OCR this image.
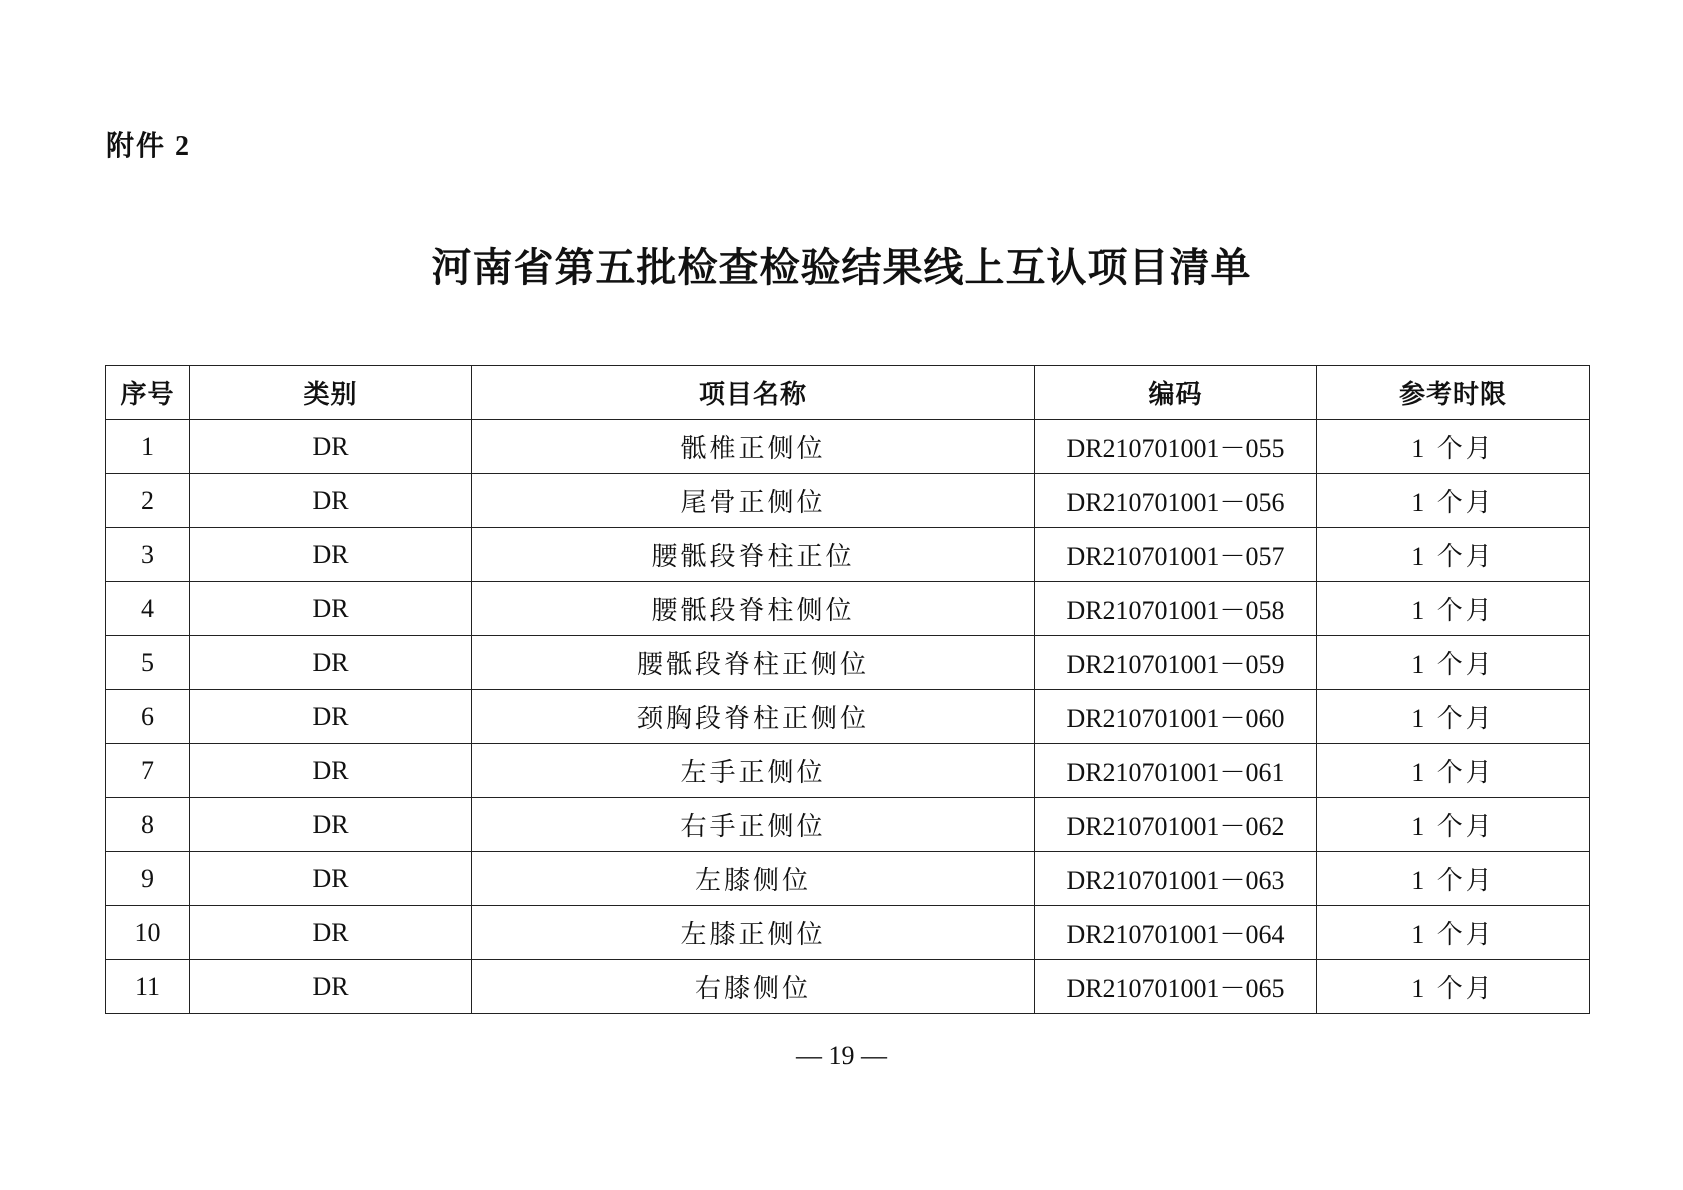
附件 2
河南省第五批检查检验结果线上互认项目清单
序号	类别	项目名称	编码	参考时限
1	DR	骶椎正侧位	DR210701001－055	1 个月
2	DR	尾骨正侧位	DR210701001－056	1 个月
3	DR	腰骶段脊柱正位	DR210701001－057	1 个月
4	DR	腰骶段脊柱侧位	DR210701001－058	1 个月
5	DR	腰骶段脊柱正侧位	DR210701001－059	1 个月
6	DR	颈胸段脊柱正侧位	DR210701001－060	1 个月
7	DR	左手正侧位	DR210701001－061	1 个月
8	DR	右手正侧位	DR210701001－062	1 个月
9	DR	左膝侧位	DR210701001－063	1 个月
10	DR	左膝正侧位	DR210701001－064	1 个月
11	DR	右膝侧位	DR210701001－065	1 个月
— 19 —
